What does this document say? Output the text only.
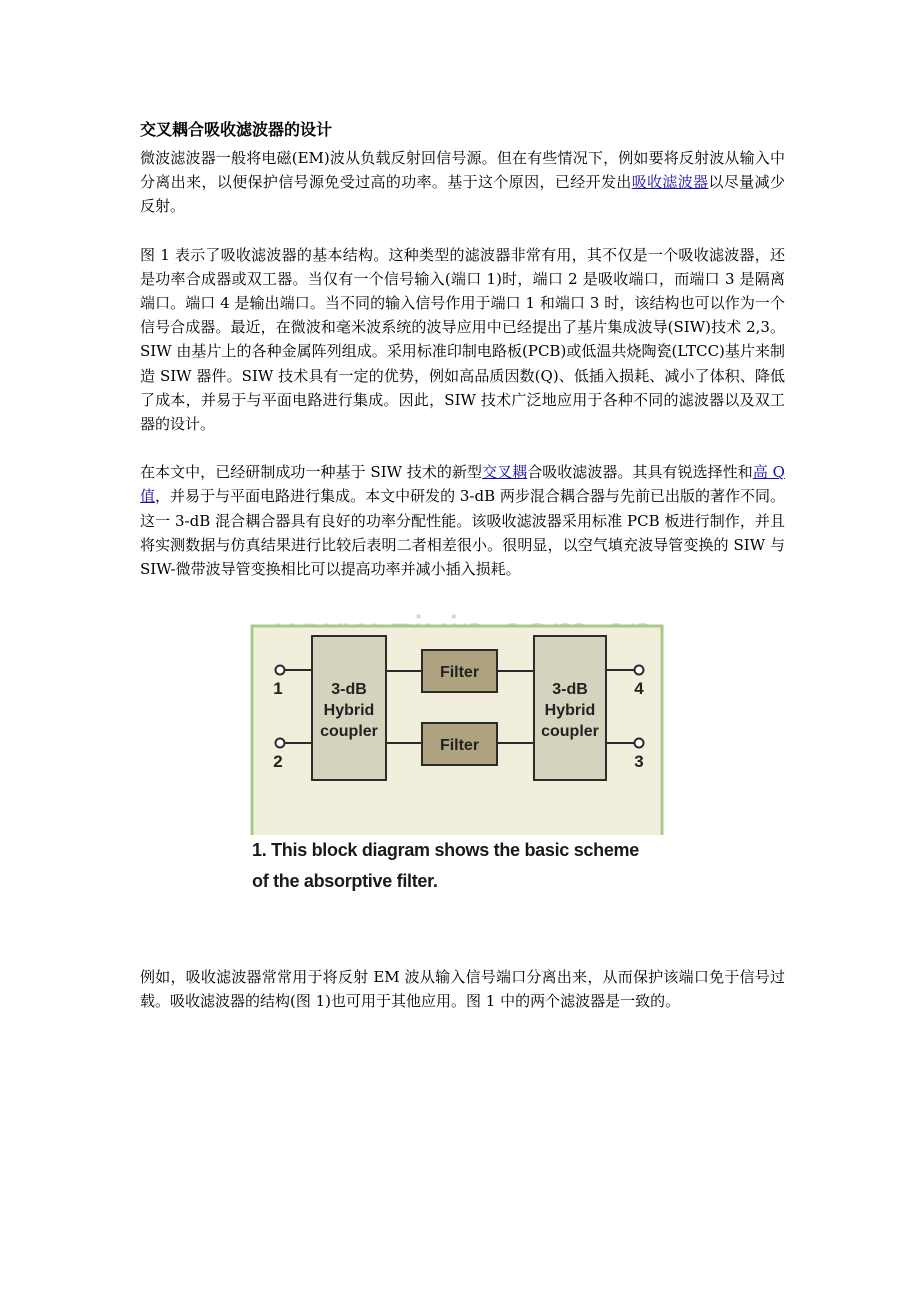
交叉耦合吸收滤波器的设计

微波滤波器一般将电磁(EM)波从负载反射回信号源。但在有些情况下，例如要将反射波从输入中分离出来，以便保护信号源免受过高的功率。基于这个原因，已经开发出吸收滤波器以尽量减少反射。

图 1 表示了吸收滤波器的基本结构。这种类型的滤波器非常有用，其不仅是一个吸收滤波器，还是功率合成器或双工器。当仅有一个信号输入(端口 1)时，端口 2 是吸收端口，而端口 3 是隔离端口。端口 4 是输出端口。当不同的输入信号作用于端口 1 和端口 3 时，该结构也可以作为一个信号合成器。最近，在微波和毫米波系统的波导应用中已经提出了基片集成波导(SIW)技术 2,3。SIW 由基片上的各种金属阵列组成。采用标准印制电路板(PCB)或低温共烧陶瓷(LTCC)基片来制造 SIW 器件。SIW 技术具有一定的优势，例如高品质因数(Q)、低插入损耗、减小了体积、降低了成本，并易于与平面电路进行集成。因此，SIW 技术广泛地应用于各种不同的滤波器以及双工器的设计。

在本文中，已经研制成功一种基于 SIW 技术的新型交叉耦合吸收滤波器。其具有锐选择性和高 Q 值，并易于与平面电路进行集成。本文中研发的 3-dB 两步混合耦合器与先前已出版的著作不同。这一 3-dB 混合耦合器具有良好的功率分配性能。该吸收滤波器采用标准 PCB 板进行制作，并且将实测数据与仿真结果进行比较后表明二者相差很小。很明显，以空气填充波导管变换的 SIW 与 SIW-微带波导管变换相比可以提高功率并减小插入损耗。

1
2
4
3
3-dB
Hybrid
coupler
3-dB
Hybrid
coupler
Filter
Filter
1. This block diagram shows the basic scheme
of the absorptive filter.

例如，吸收滤波器常常用于将反射 EM 波从输入信号端口分离出来，从而保护该端口免于信号过载。吸收滤波器的结构(图 1)也可用于其他应用。图 1 中的两个滤波器是一致的。
